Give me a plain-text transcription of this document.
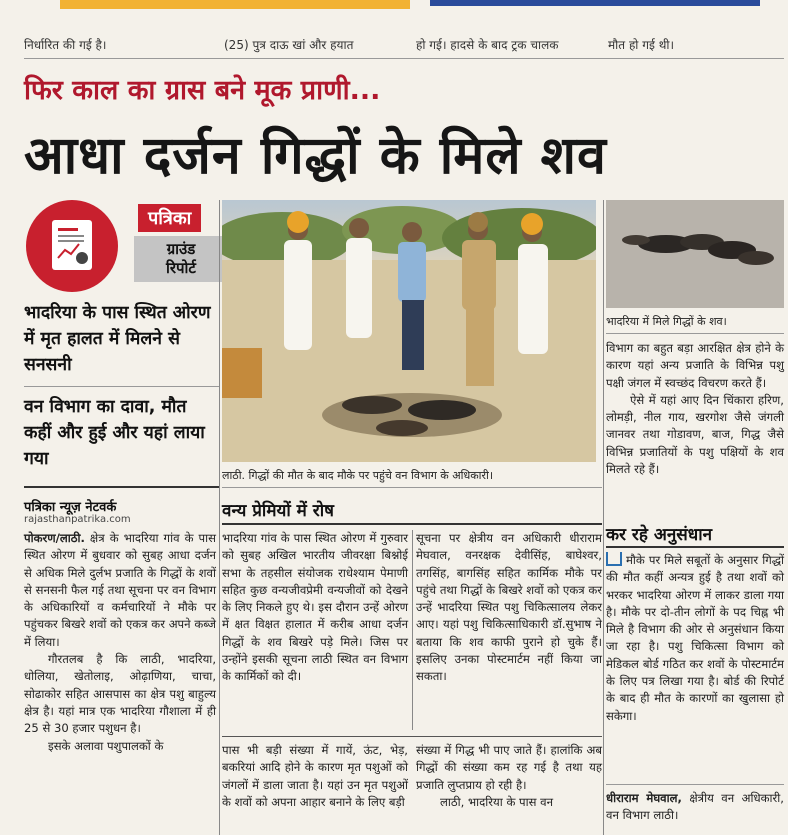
निर्धारित की गई है।	(25) पुत्र दाऊ खां और हयात	हो गई। हादसे के बाद ट्रक चालक	मौत हो गई थी।
फिर काल का ग्रास बने मूक प्राणी...
आधा दर्जन गिद्धों के मिले शव
पत्रिका
ग्राउंड
रिपोर्ट
भादरिया के पास स्थित ओरण में मृत हालत में मिलने से सनसनी
वन विभाग का दावा, मौत कहीं और हुई और यहां लाया गया
पत्रिका न्यूज़ नेटवर्क
rajasthanpatrika.com
पोकरण/लाठी. क्षेत्र के भादरिया गांव के पास स्थित ओरण में बुधवार को सुबह आधा दर्जन से अधिक मिले दुर्लभ प्रजाति के गिद्धों के शवों से सनसनी फैल गई तथा सूचना पर वन विभाग के अधिकारियों व कर्मचारियों ने मौके पर पहुंचकर बिखरे शवों को एकत्र कर अपने कब्जे में लिया।
गौरतलब है कि लाठी, भादरिया, धोलिया, खेतोलाइ, ओढ़ाणिया, चाचा, सोढाकोर सहित आसपास का क्षेत्र पशु बाहुल्य क्षेत्र है। यहां मात्र एक भादरिया गौशाला में ही 25 से 30 हजार पशुधन है।
इसके अलावा पशुपालकों के
लाठी. गिद्धों की मौत के बाद मौके पर पहुंचे वन विभाग के अधिकारी।
वन्य प्रेमियों में रोष
भादरिया गांव के पास स्थित ओरण में गुरुवार को सुबह अखिल भारतीय जीवरक्षा बिश्नोई सभा के तहसील संयोजक राधेश्याम पेमाणी सहित कुछ वन्यजीवप्रेमी वन्यजीवों को देखने के लिए निकले हुए थे। इस दौरान उन्हें ओरण में क्षत विक्षत हालात में करीब आधा दर्जन गिद्धों के शव बिखरे पड़े मिले। जिस पर उन्होंने इसकी सूचना लाठी स्थित वन विभाग के कार्मिकों को दी।
सूचना पर क्षेत्रीय वन अधिकारी धीराराम मेघवाल, वनरक्षक देवीसिंह, बाघेश्वर, तगसिंह, बागसिंह सहित कार्मिक मौके पर पहुंचे तथा गिद्धों के बिखरे शवों को एकत्र कर उन्हें भादरिया स्थित पशु चिकित्सालय लेकर आए। यहां पशु चिकित्साधिकारी डॉ.सुभाष ने बताया कि शव काफी पुराने हो चुके हैं। इसलिए उनका पोस्टमार्टम नहीं किया जा सकता।
पास भी बड़ी संख्या में गायें, ऊंट, भेड़, बकरियां आदि होने के कारण मृत पशुओं को जंगलों में डाला जाता है। यहां उन मृत पशुओं के शवों को अपना आहार बनाने के लिए बड़ी
संख्या में गिद्ध भी पाए जाते हैं। हालांकि अब गिद्धों की संख्या कम रह गई है तथा यह प्रजाति लुप्तप्राय हो रही है।
लाठी, भादरिया के पास वन
भादरिया में मिले गिद्धों के शव।
विभाग का बहुत बड़ा आरक्षित क्षेत्र होने के कारण यहां अन्य प्रजाति के विभिन्न पशु पक्षी जंगल में स्वच्छंद विचरण करते हैं।
ऐसे में यहां आए दिन चिंकारा हरिण, लोमड़ी, नील गाय, खरगोश जैसे जंगली जानवर तथा गोडावण, बाज, गिद्ध जैसे विभिन्न प्रजातियों के पशु पक्षियों के शव मिलते रहे हैं।
कर रहे अनुसंधान
मौके पर मिले सबूतों के अनुसार गिद्धों की मौत कहीं अन्यत्र हुई है तथा शवों को भरकर भादरिया ओरण में लाकर डाला गया है। मौके पर दो-तीन लोगों के पद चिह्न भी मिले है विभाग की ओर से अनुसंधान किया जा रहा है। पशु चिकित्सा विभाग को मेडिकल बोर्ड गठित कर शवों के पोस्टमार्टम के लिए पत्र लिखा गया है। बोर्ड की रिपोर्ट के बाद ही मौत के कारणों का खुलासा हो सकेगा।
धीराराम मेघवाल, क्षेत्रीय वन अधिकारी, वन विभाग लाठी।
